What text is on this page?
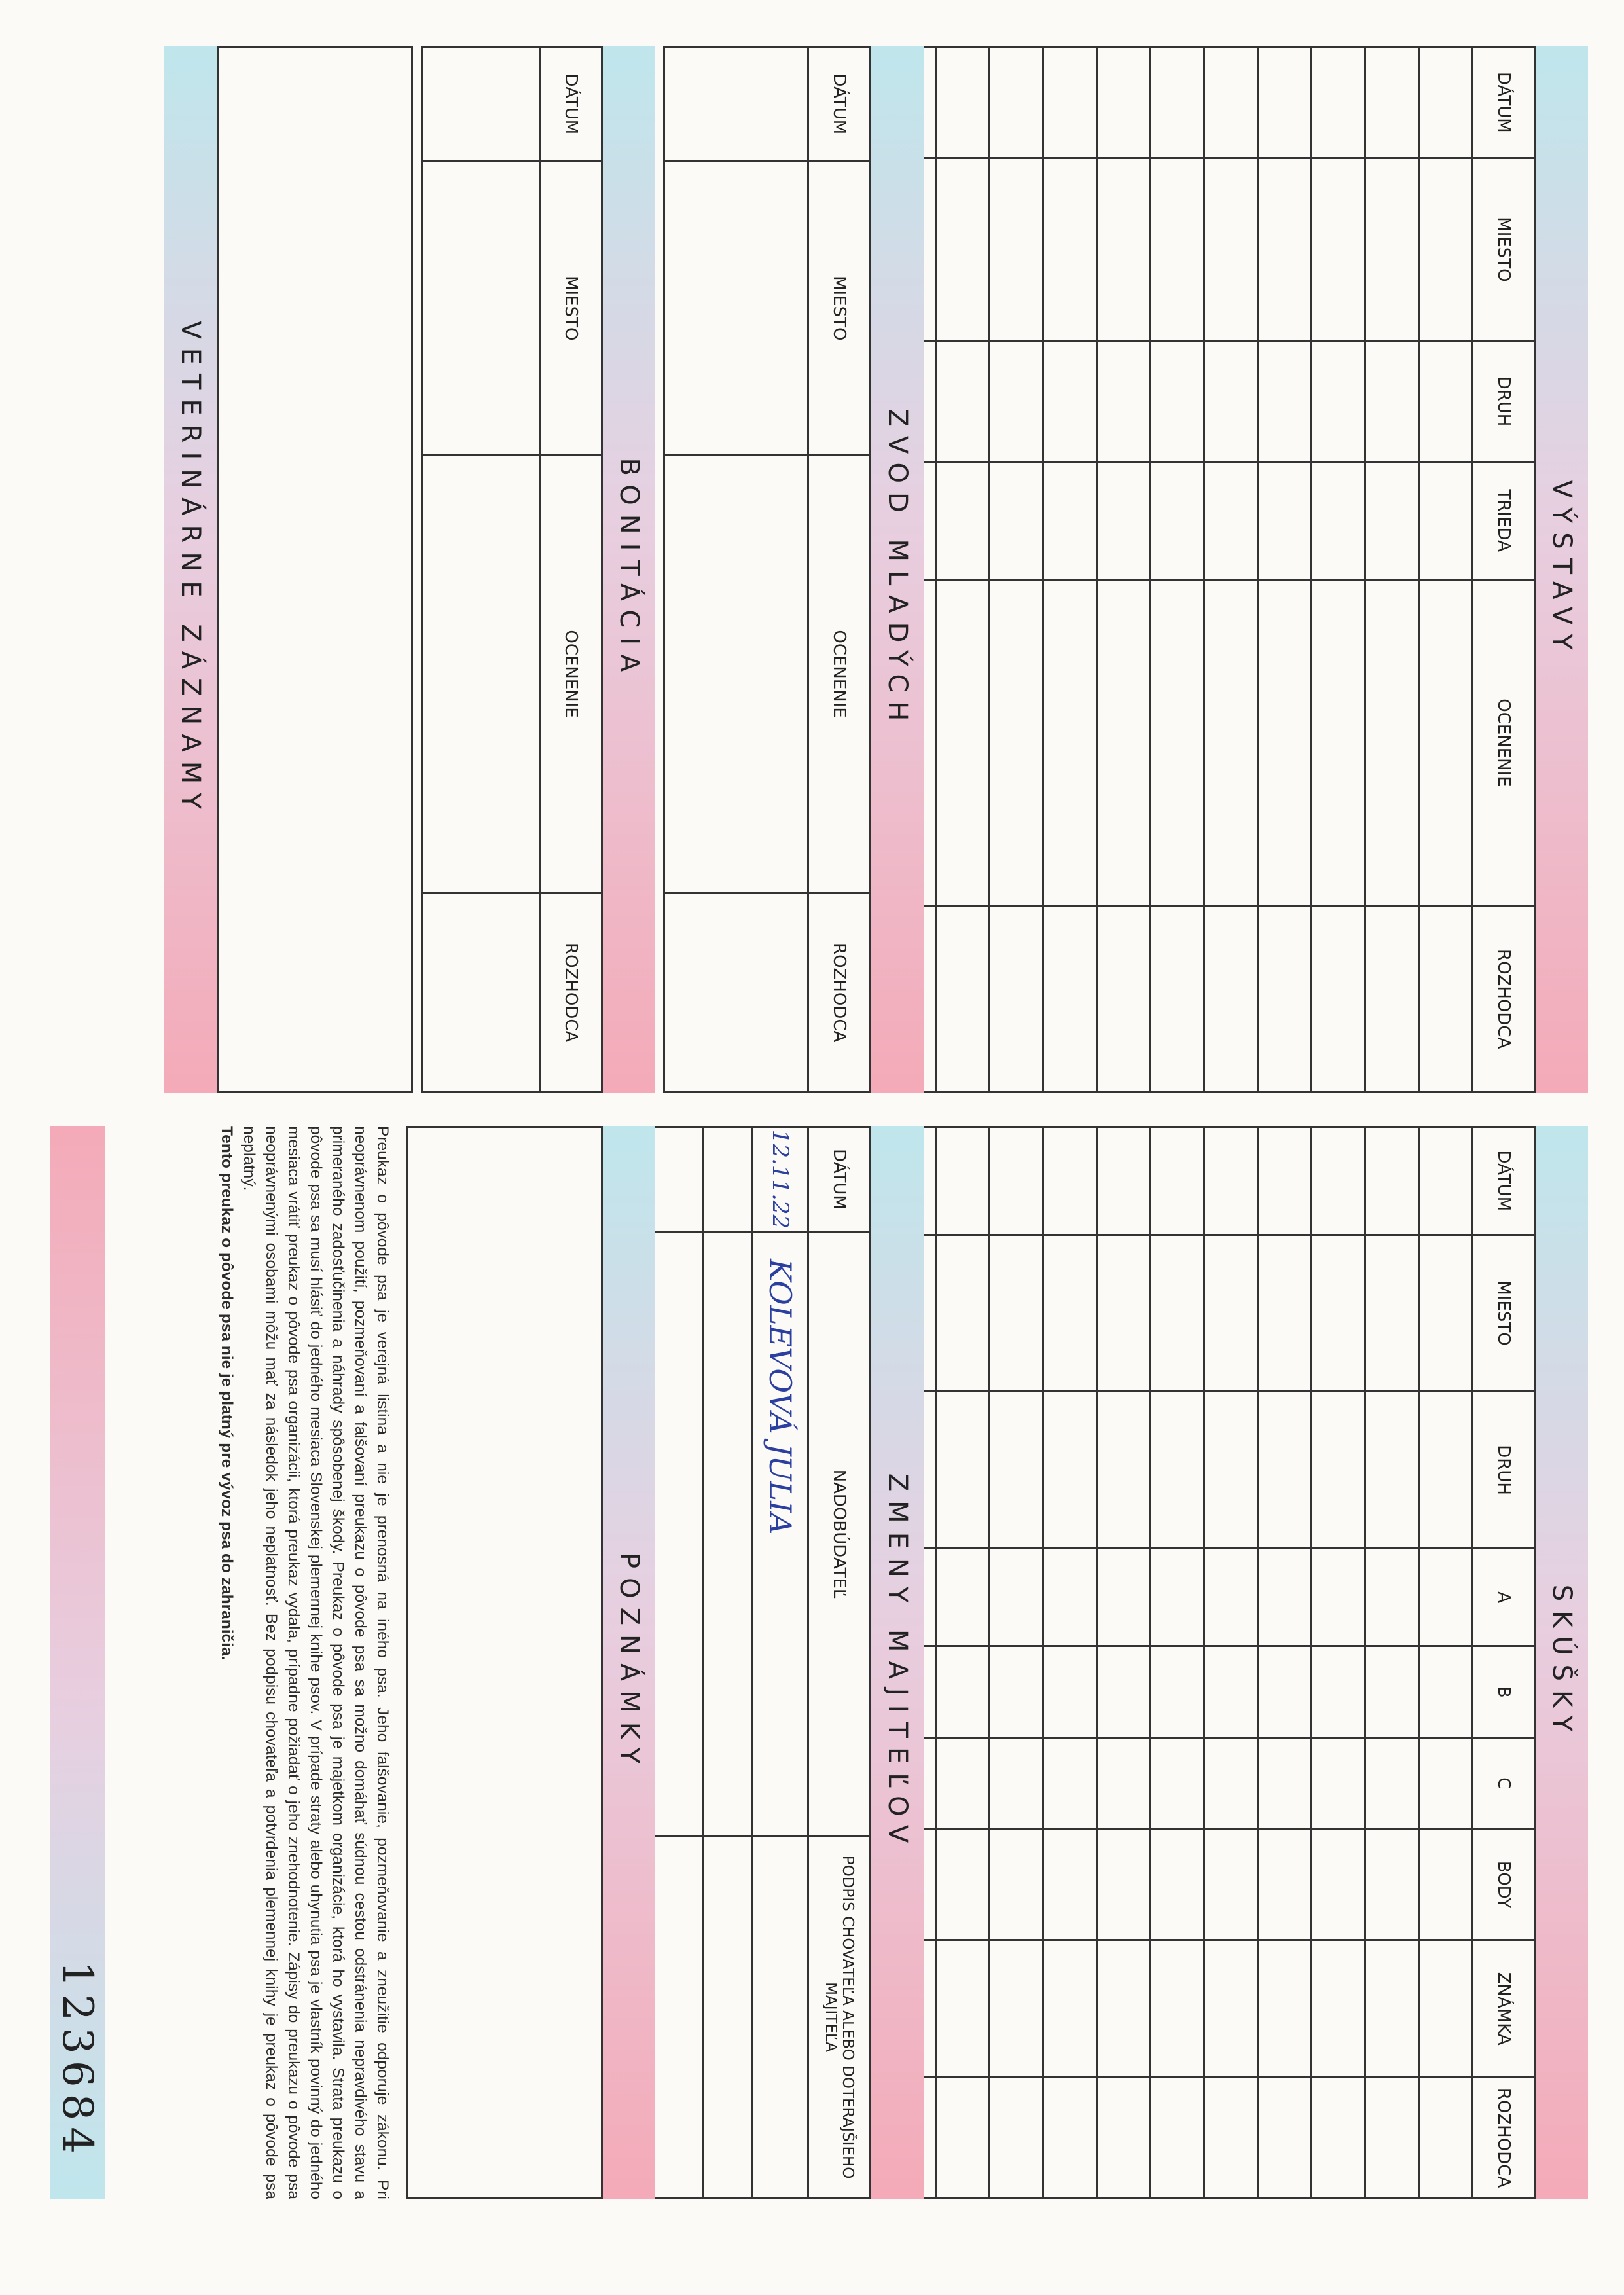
VÝSTAVY
DÁTUM	MIESTO	DRUH	TRIEDA	OCENENIE	ROZHODCA

SKÚŠKY
DÁTUM	MIESTO	DRUH	A	B	C	BODY	ZNÁMKA	ROZHODCA

ZVOD MLADÝCH
DÁTUM	MIESTO	OCENENIE	ROZHODCA

ZMENY MAJITEĽOV
DÁTUM	NADOBÚDATEĽ	PODPIS CHOVATEĽA ALEBO DOTERAJŠIEHO MAJITEĽA
12.11.22	KOLEVOVÁ JULIA	

BONITÁCIA
DÁTUM	MIESTO	OCENENIE	ROZHODCA

POZNÁMKY
VETERINÁRNE ZÁZNAMY
Preukaz o pôvode psa je verejná listina a nie je prenosná na iného psa. Jeho falšovanie, pozmeňovanie a zneužitie odporuje zákonu. Pri neoprávnenom použití, pozmeňovaní a falšovaní preukazu o pôvode psa sa možno domáhať súdnou cestou odstránenia nepravdivého stavu a primeraného zadosťučinenia a náhrady spôsobenej škody. Preukaz o pôvode psa je majetkom organizácie, ktorá ho vystavila. Strata preukazu o pôvode psa sa musí hlásiť do jedného mesiaca Slovenskej plemennej knihe psov. V prípade straty alebo uhynutia psa je vlastník povinný do jedného mesiaca vrátiť preukaz o pôvode psa organizácii, ktorá preukaz vydala, prípadne požiadať o jeho znehodnotenie. Zápisy do preukazu o pôvode psa neoprávnenými osobami môžu mať za následok jeho neplatnosť. Bez podpisu chovateľa a potvrdenia plemennej knihy je preukaz o pôvode psa neplatný.
Tento preukaz o pôvode psa nie je platný pre vývoz psa do zahraničia.
123684
